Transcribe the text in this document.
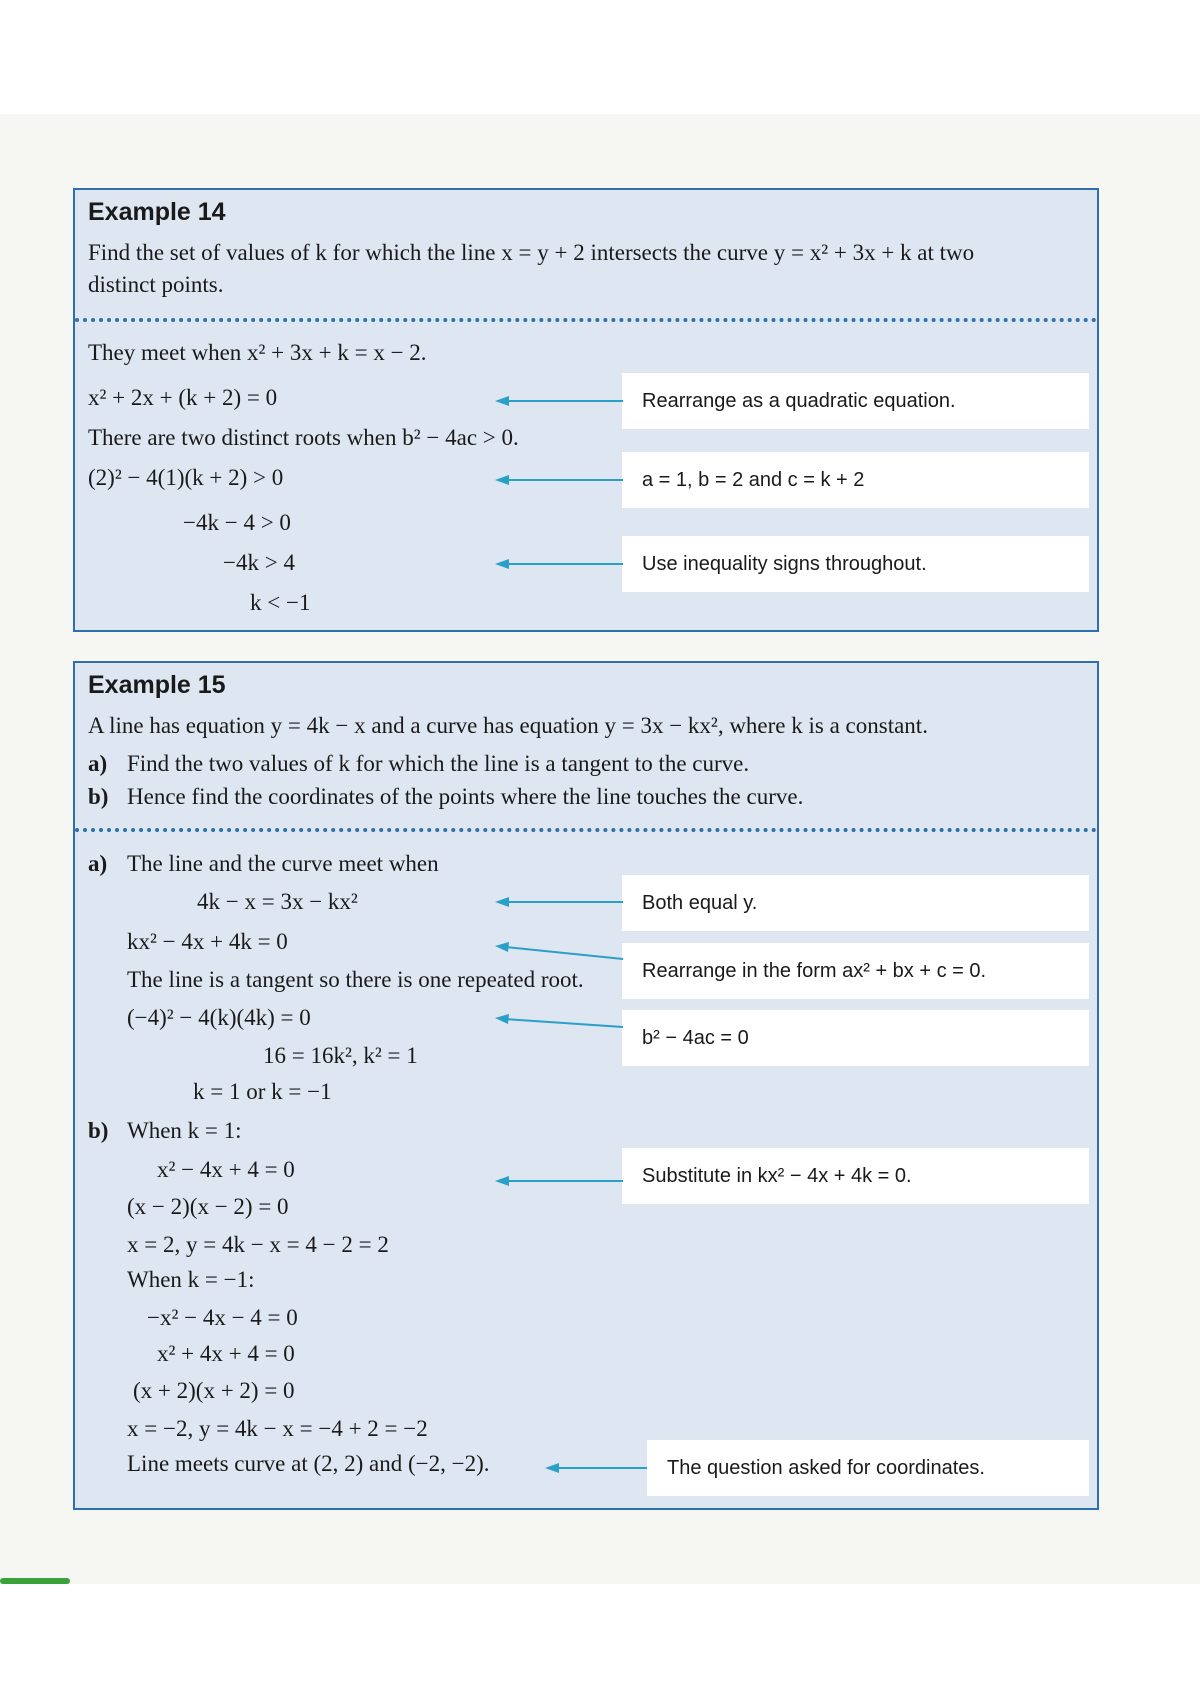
Example 14
Find the set of values of k for which the line x = y + 2 intersects the curve y = x² + 3x + k at two
distinct points.
They meet when x² + 3x + k = x − 2.
x² + 2x + (k + 2) = 0
There are two distinct roots when b² − 4ac > 0.
(2)² − 4(1)(k + 2) > 0
−4k − 4 > 0
−4k > 4
k < −1
Rearrange as a quadratic equation.
a = 1, b = 2 and c = k + 2
Use inequality signs throughout.
Example 15
A line has equation y = 4k − x and a curve has equation y = 3x − kx², where k is a constant.
a) Find the two values of k for which the line is a tangent to the curve.
b) Hence find the coordinates of the points where the line touches the curve.
a) The line and the curve meet when
4k − x = 3x − kx²
kx² − 4x + 4k = 0
The line is a tangent so there is one repeated root.
(−4)² − 4(k)(4k) = 0
16 = 16k², k² = 1
k = 1 or k = −1
b) When k = 1:
x² − 4x + 4 = 0
(x − 2)(x − 2) = 0
x = 2, y = 4k − x = 4 − 2 = 2
When k = −1:
−x² − 4x − 4 = 0
x² + 4x + 4 = 0
(x + 2)(x + 2) = 0
x = −2, y = 4k − x = −4 + 2 = −2
Line meets curve at (2, 2) and (−2, −2).
Both equal y.
Rearrange in the form ax² + bx + c = 0.
b² − 4ac = 0
Substitute in kx² − 4x + 4k = 0.
The question asked for coordinates.
